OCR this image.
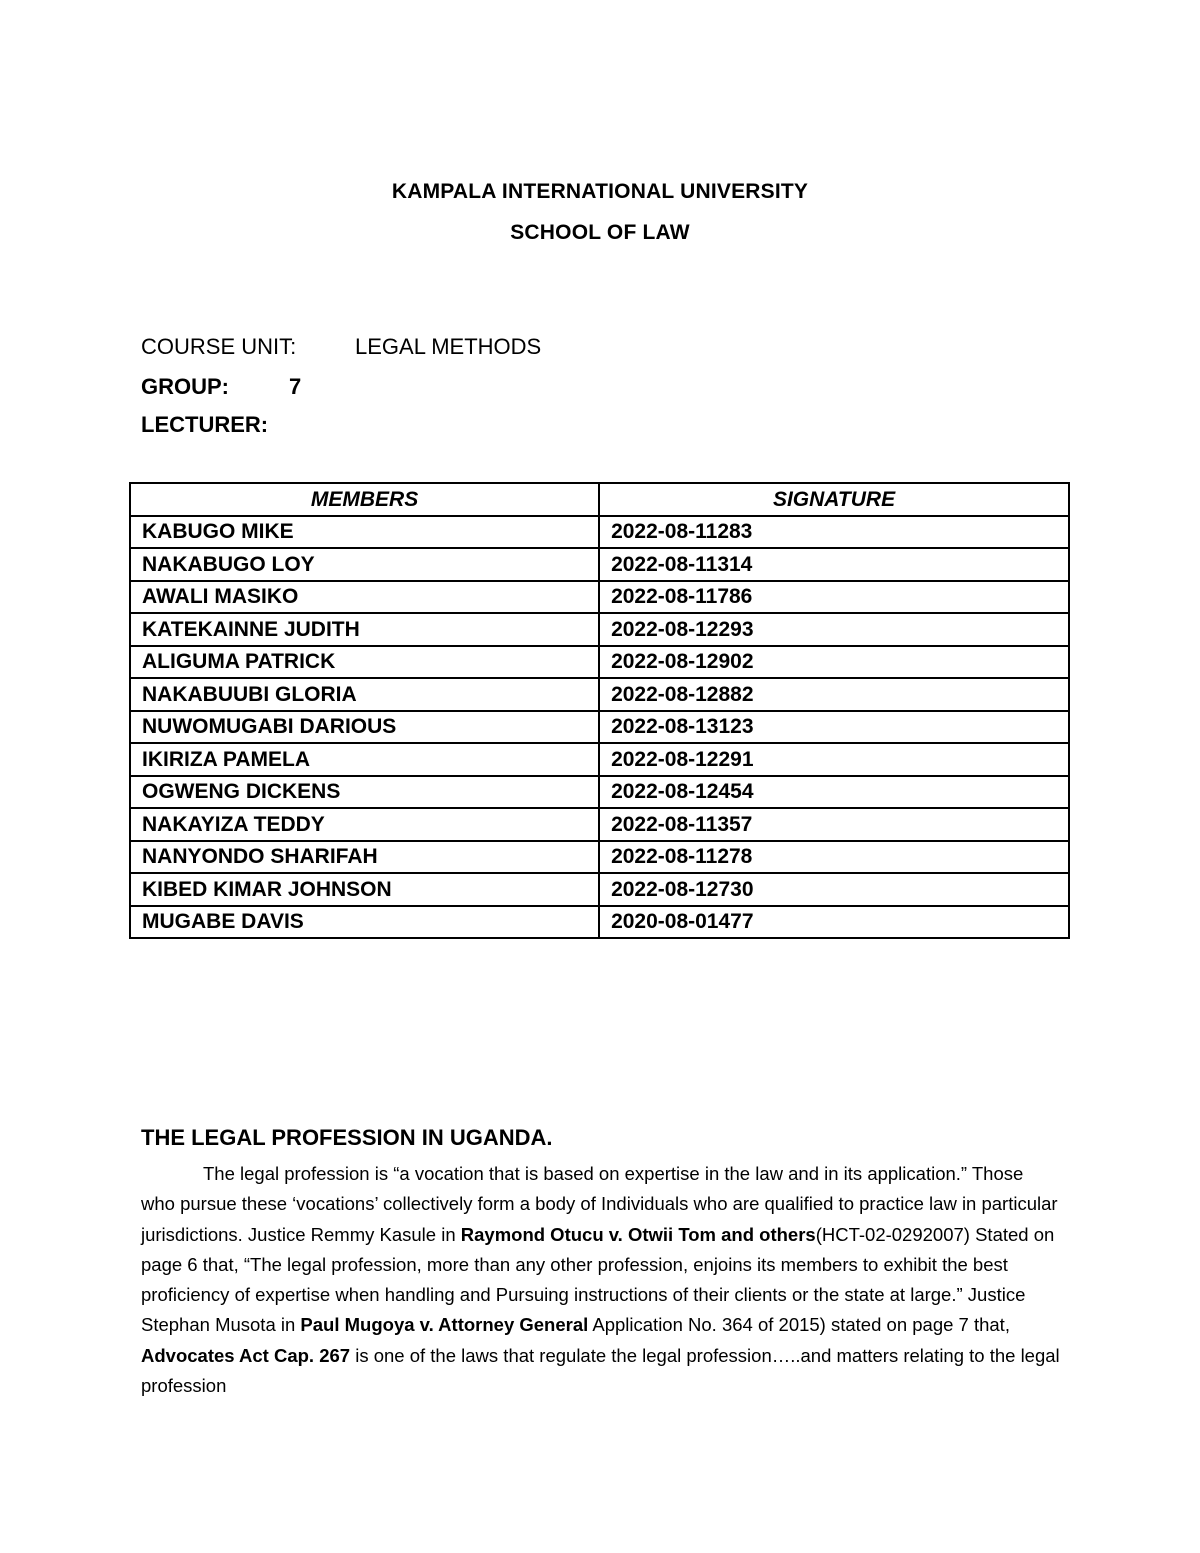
KAMPALA INTERNATIONAL UNIVERSITY
SCHOOL OF LAW
COURSE UNIT:	LEGAL METHODS
GROUP:	7
LECTURER:
MEMBERS	SIGNATURE
KABUGO MIKE	2022-08-11283
NAKABUGO LOY	2022-08-11314
AWALI MASIKO	2022-08-11786
KATEKAINNE JUDITH	2022-08-12293
ALIGUMA PATRICK	2022-08-12902
NAKABUUBI GLORIA	2022-08-12882
NUWOMUGABI DARIOUS	2022-08-13123
IKIRIZA PAMELA	2022-08-12291
OGWENG DICKENS	2022-08-12454
NAKAYIZA TEDDY	2022-08-11357
NANYONDO SHARIFAH	2022-08-11278
KIBED KIMAR JOHNSON	2022-08-12730
MUGABE DAVIS	2020-08-01477
THE LEGAL PROFESSION IN UGANDA.
The legal profession is “a vocation that is based on expertise in the law and in its application.” Those who pursue these ‘vocations’ collectively form a body of Individuals who are qualified to practice law in particular jurisdictions. Justice Remmy Kasule in Raymond Otucu v. Otwii Tom and others(HCT-02-0292007) Stated on page 6 that, “The legal profession, more than any other profession, enjoins its members to exhibit the best proficiency of expertise when handling and Pursuing instructions of their clients or the state at large.” Justice Stephan Musota in Paul Mugoya v. Attorney General Application No. 364 of 2015) stated on page 7 that, Advocates Act Cap. 267 is one of the laws that regulate the legal profession…..and matters relating to the legal profession
